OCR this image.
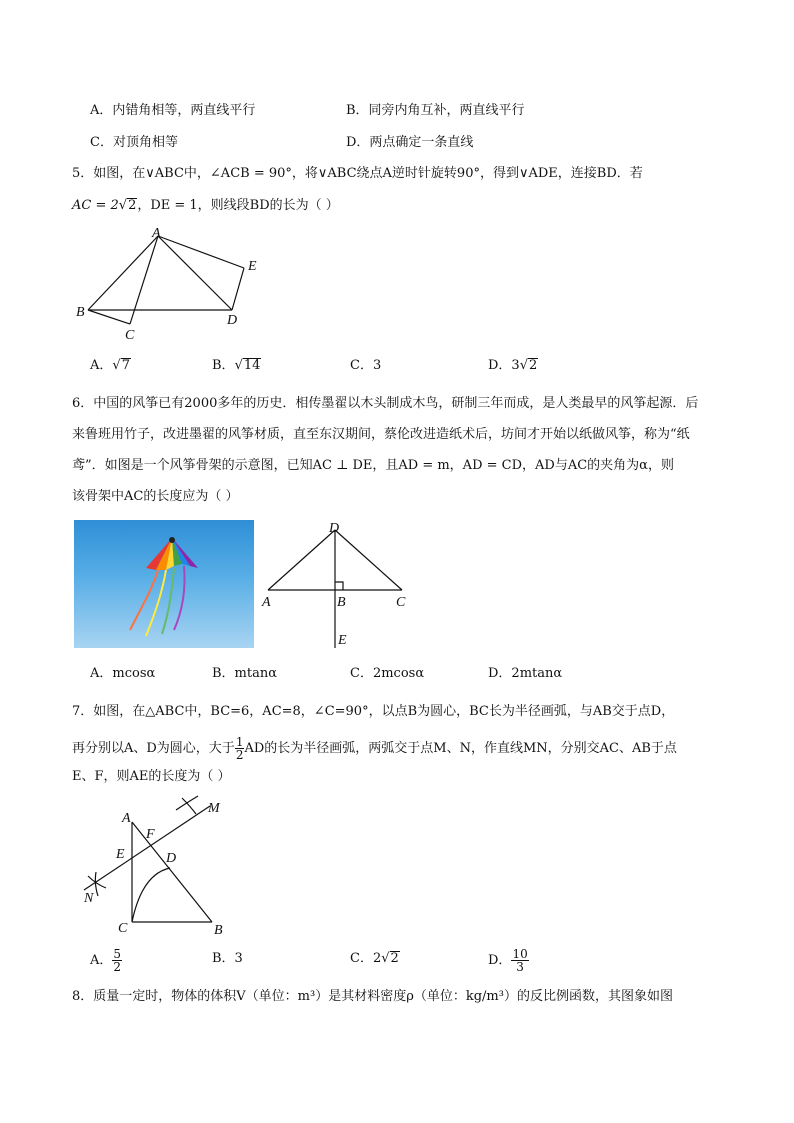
A．内错角相等，两直线平行	B．同旁内角互补，两直线平行
C．对顶角相等	D．两点确定一条直线
5．如图，在∨ABC中，∠ACB = 90°，将∨ABC绕点A逆时针旋转90°，得到∨ADE，连接BD．若
AC = 2√2，DE = 1，则线段BD的长为（ ）
A
B
C
D
E
A．√7	B．√14	C．3	D．3√2
6．中国的风筝已有2000多年的历史．相传墨翟以木头制成木鸟，研制三年而成，是人类最早的风筝起源．后
来鲁班用竹子，改进墨翟的风筝材质，直至东汉期间，蔡伦改进造纸术后，坊间才开始以纸做风筝，称为“纸
鸢”．如图是一个风筝骨架的示意图，已知AC ⊥ DE，且AD = m，AD = CD，AD与AC的夹角为α，则
该骨架中AC的长度应为（ ）
D
A	B	C
E
A．mcosα	B．mtanα	C．2mcosα	D．2mtanα
7．如图，在△ABC中，BC=6，AC=8，∠C=90°，以点B为圆心，BC长为半径画弧，与AB交于点D，
再分别以A、D为圆心，大于 $\frac{1}{2}$ AD的长为半径画弧，两弧交于点M、N，作直线MN，分别交AC、AB于点
E、F，则AE的长度为（ ）
A
F
D
E
M
N
C	B
A． $\frac{5}{2}$	B．3	C．2√2	D． $\frac{10}{3}$
8．质量一定时，物体的体积V（单位：m³）是其材料密度ρ（单位：kg/m³）的反比例函数，其图象如图
